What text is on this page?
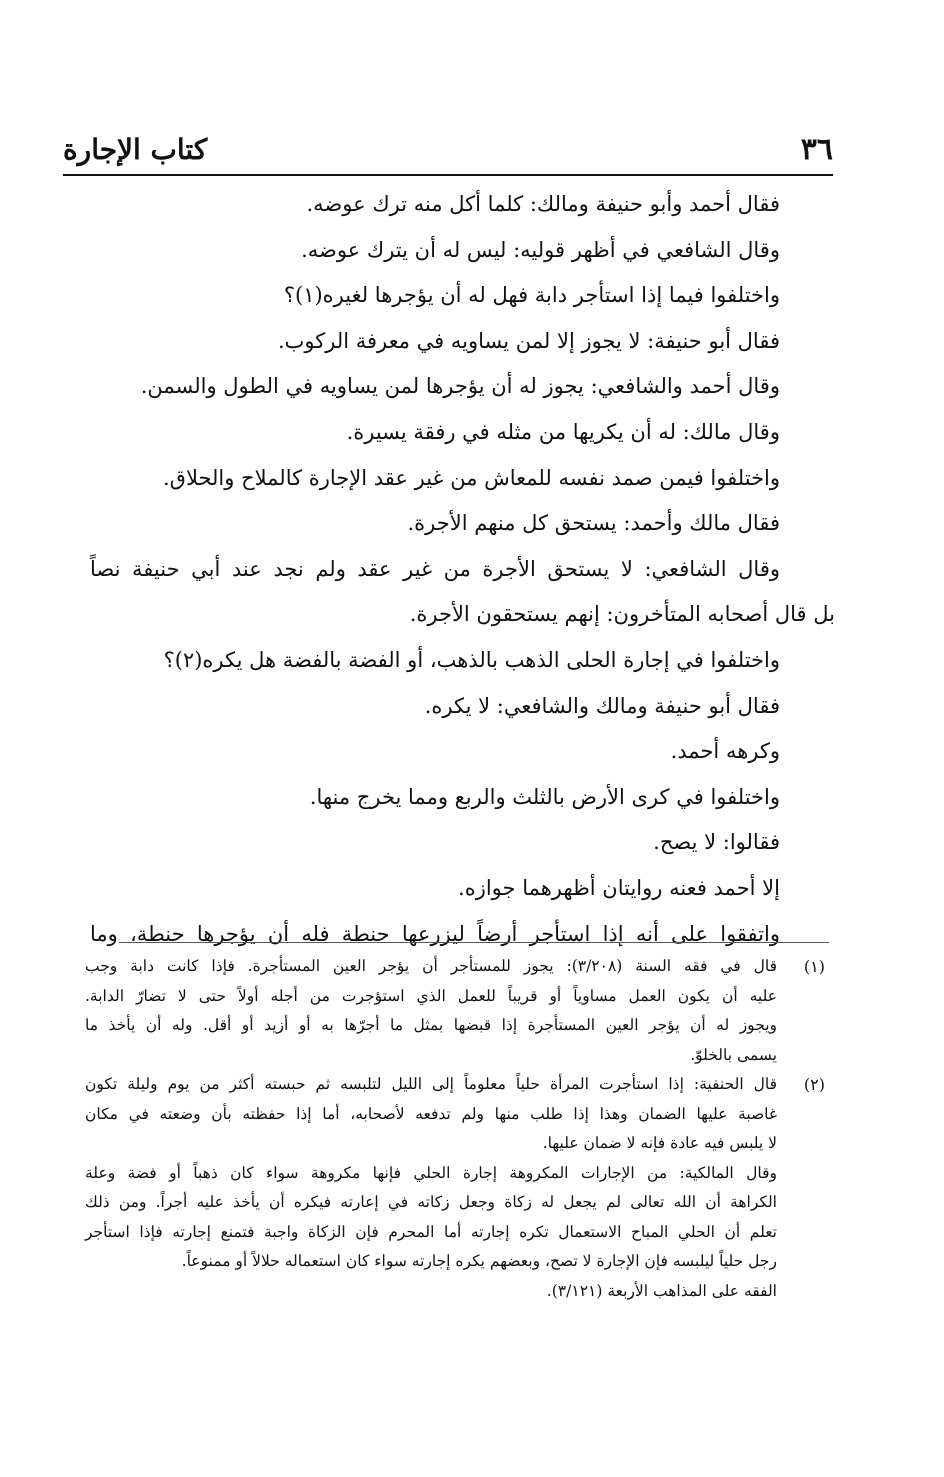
٣٦
كتاب الإجارة
فقال أحمد وأبو حنيفة ومالك: كلما أكل منه ترك عوضه.
وقال الشافعي في أظهر قوليه: ليس له أن يترك عوضه.
واختلفوا فيما إذا استأجر دابة فهل له أن يؤجرها لغيره(١)؟
فقال أبو حنيفة: لا يجوز إلا لمن يساويه في معرفة الركوب.
وقال أحمد والشافعي: يجوز له أن يؤجرها لمن يساويه في الطول والسمن.
وقال مالك: له أن يكريها من مثله في رفقة يسيرة.
واختلفوا فيمن صمد نفسه للمعاش من غير عقد الإجارة كالملاح والحلاق.
فقال مالك وأحمد: يستحق كل منهم الأجرة.
وقال الشافعي: لا يستحق الأجرة من غير عقد ولم نجد عند أبي حنيفة نصاً
بل قال أصحابه المتأخرون: إنهم يستحقون الأجرة.
واختلفوا في إجارة الحلى الذهب بالذهب، أو الفضة بالفضة هل يكره(٢)؟
فقال أبو حنيفة ومالك والشافعي: لا يكره.
وكرهه أحمد.
واختلفوا في كرى الأرض بالثلث والربع ومما يخرج منها.
فقالوا: لا يصح.
إلا أحمد فعنه روايتان أظهرهما جوازه.
واتفقوا على أنه إذا استأجر أرضاً ليزرعها حنطة فله أن يؤجرها حنطة، وما
(١)
قال في فقه السنة (٣/٢٠٨): يجوز للمستأجر أن يؤجر العين المستأجرة. فإذا كانت دابة وجب
عليه أن يكون العمل مساوياً أو قريباً للعمل الذي استؤجرت من أجله أولاً حتى لا تضارّ الدابة.
ويجوز له أن يؤجر العين المستأجرة إذا قبضها بمثل ما أجرّها به أو أزيد أو أقل. وله أن يأخذ ما
يسمى بالخلوّ.
(٢)
قال الحنفية: إذا استأجرت المرأة حلياً معلوماً إلى الليل لتلبسه ثم حبسته أكثر من يوم وليلة تكون
غاصبة عليها الضمان وهذا إذا طلب منها ولم تدفعه لأصحابه، أما إذا حفظته بأن وضعته في مكان
لا يلبس فيه عادة فإنه لا ضمان عليها.
وقال المالكية: من الإجارات المكروهة إجارة الحلي فإنها مكروهة سواء كان ذهباً أو فضة وعلة
الكراهة أن الله تعالى لم يجعل له زكاة وجعل زكاته في إعارته فيكره أن يأخذ عليه أجراً. ومن ذلك
تعلم أن الحلي المباح الاستعمال تكره إجارته أما المحرم فإن الزكاة واجبة فتمنع إجارته فإذا استأجر
رجل حلياً ليلبسه فإن الإجارة لا تصح، وبعضهم يكره إجارته سواء كان استعماله حلالاً أو ممنوعاً.
الفقه على المذاهب الأربعة (٣/١٢١).
